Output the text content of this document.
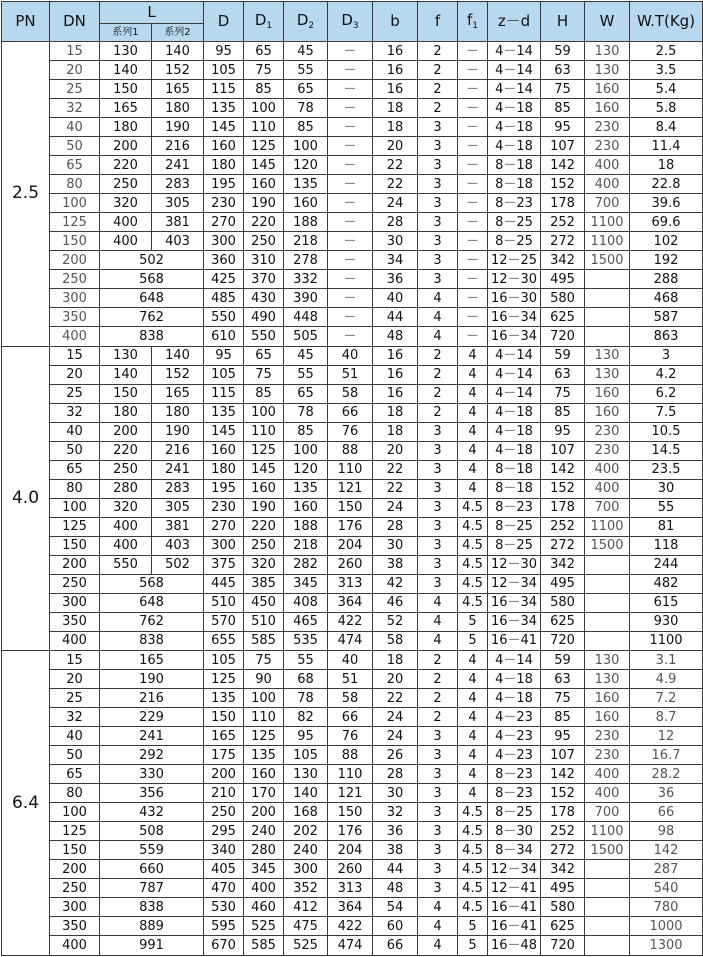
PN	DN	L		D	$D_1$	$D_2$	$D_3$	b	f	$f_1$	z－d	H	W	W.T(Kg)
		系列1	系列2											
2.5	15	130	140	95	65	45	－	16	2	－	4－14	59	130	2.5
	20	140	152	105	75	55	－	16	2	－	4－14	63	130	3.5
	25	150	165	115	85	65	－	16	2	－	4－14	75	160	5.4
	32	165	180	135	100	78	－	18	2	－	4－18	85	160	5.8
	40	180	190	145	110	85	－	18	3	－	4－18	95	230	8.4
	50	200	216	160	125	100	－	20	3	－	4－18	107	230	11.4
	65	220	241	180	145	120	－	22	3	－	8－18	142	400	18
	80	250	283	195	160	135	－	22	3	－	8－18	152	400	22.8
	100	320	305	230	190	160	－	24	3	－	8－23	178	700	39.6
	125	400	381	270	220	188	－	28	3	－	8－25	252	1100	69.6
	150	400	403	300	250	218	－	30	3	－	8－25	272	1100	102
	200	502		360	310	278	－	34	3	－	12－25	342	1500	192
	250	568		425	370	332	－	36	3	－	12－30	495		288
	300	648		485	430	390	－	40	4	－	16－30	580		468
	350	762		550	490	448	－	44	4	－	16－34	625		587
	400	838		610	550	505	－	48	4	－	16－34	720		863
4.0	15	130	140	95	65	45	40	16	2	4	4－14	59	130	3
	20	140	152	105	75	55	51	16	2	4	4－14	63	130	4.2
	25	150	165	115	85	65	58	16	2	4	4－14	75	160	6.2
	32	180	180	135	100	78	66	18	2	4	4－18	85	160	7.5
	40	200	190	145	110	85	76	18	3	4	4－18	95	230	10.5
	50	220	216	160	125	100	88	20	3	4	4－18	107	230	14.5
	65	250	241	180	145	120	110	22	3	4	8－18	142	400	23.5
	80	280	283	195	160	135	121	22	3	4	8－18	152	400	30
	100	320	305	230	190	160	150	24	3	4.5	8－23	178	700	55
	125	400	381	270	220	188	176	28	3	4.5	8－25	252	1100	81
	150	400	403	300	250	218	204	30	3	4.5	8－25	272	1500	118
	200	550	502	375	320	282	260	38	3	4.5	12－30	342		244
	250	568		445	385	345	313	42	3	4.5	12－34	495		482
	300	648		510	450	408	364	46	4	4.5	16－34	580		615
	350	762		570	510	465	422	52	4	5	16－34	625		930
	400	838		655	585	535	474	58	4	5	16－41	720		1100
6.4	15	165		105	75	55	40	18	2	4	4－14	59	130	3.1
	20	190		125	90	68	51	20	2	4	4－18	63	130	4.9
	25	216		135	100	78	58	22	2	4	4－18	75	160	7.2
	32	229		150	110	82	66	24	2	4	4－23	85	160	8.7
	40	241		165	125	95	76	24	3	4	4－23	95	230	12
	50	292		175	135	105	88	26	3	4	4－23	107	230	16.7
	65	330		200	160	130	110	28	3	4	8－23	142	400	28.2
	80	356		210	170	140	121	30	3	4	8－23	152	400	36
	100	432		250	200	168	150	32	3	4.5	8－25	178	700	66
	125	508		295	240	202	176	36	3	4.5	8－30	252	1100	98
	150	559		340	280	240	204	38	3	4.5	8－34	272	1500	142
	200	660		405	345	300	260	44	3	4.5	12－34	342		287
	250	787		470	400	352	313	48	3	4.5	12－41	495		540
	300	838		530	460	412	364	54	4	4.5	16－41	580		780
	350	889		595	525	475	422	60	4	5	16－41	625		1000
	400	991		670	585	525	474	66	4	5	16－48	720		1300
